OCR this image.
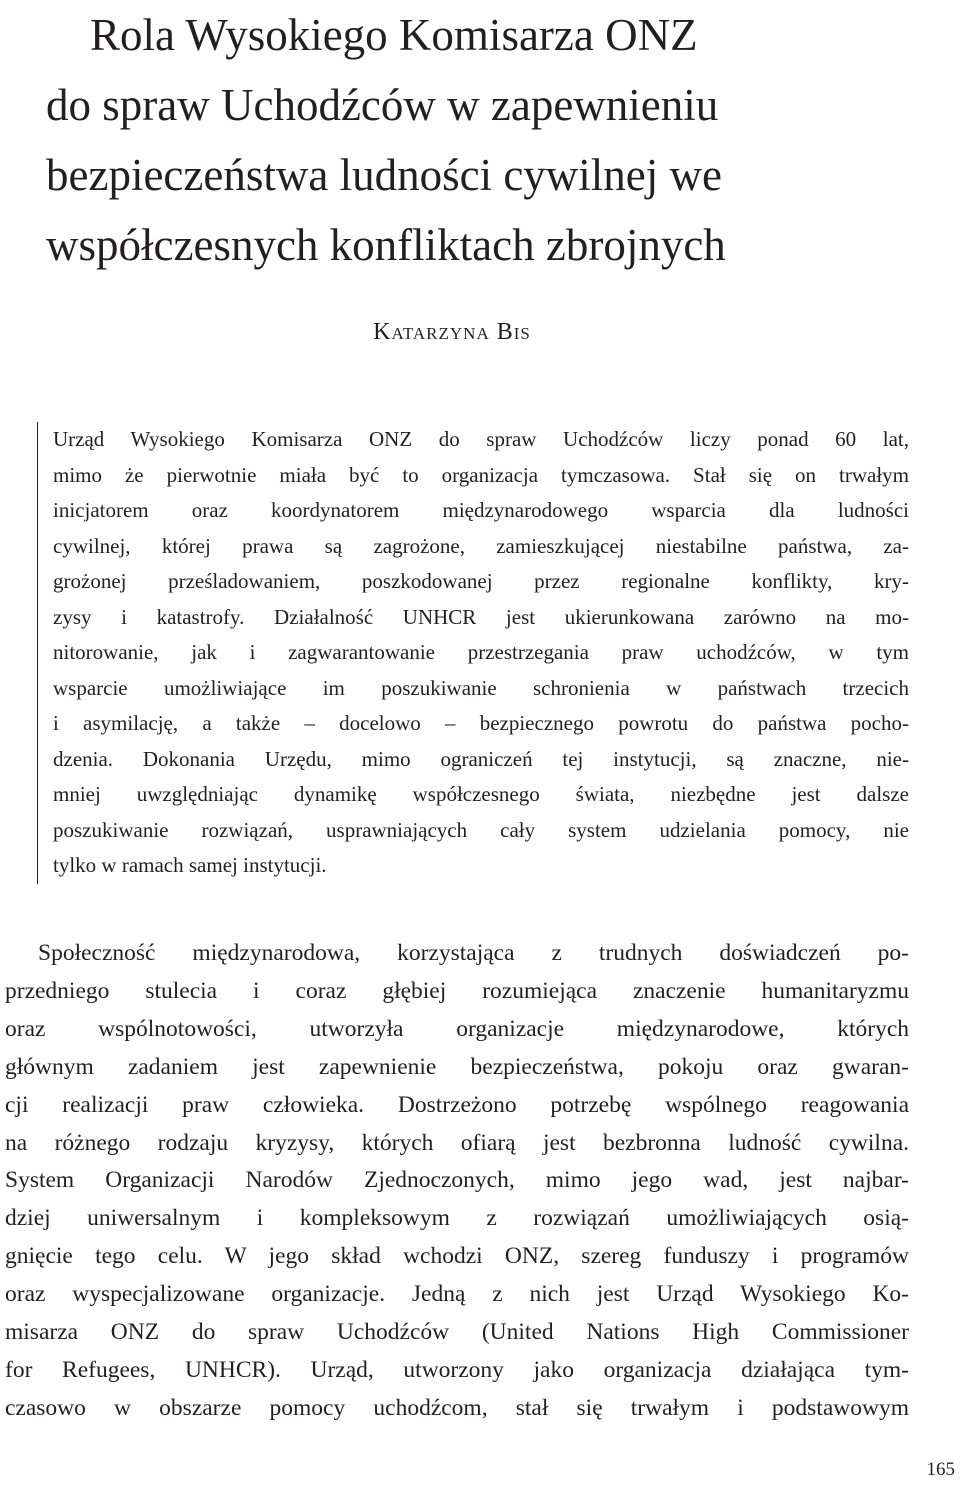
Rola Wysokiego Komisarza ONZ
do spraw Uchodźców w zapewnieniu
bezpieczeństwa ludności cywilnej we
współczesnych konfliktach zbrojnych
Katarzyna Bis
Urząd Wysokiego Komisarza ONZ do spraw Uchodźców liczy ponad 60 lat,
mimo że pierwotnie miała być to organizacja tymczasowa. Stał się on trwałym
inicjatorem oraz koordynatorem międzynarodowego wsparcia dla ludności
cywilnej, której prawa są zagrożone, zamieszkującej niestabilne państwa, za-
grożonej prześladowaniem, poszkodowanej przez regionalne konflikty, kry-
zysy i katastrofy. Działalność UNHCR jest ukierunkowana zarówno na mo-
nitorowanie, jak i zagwarantowanie przestrzegania praw uchodźców, w tym
wsparcie umożliwiające im poszukiwanie schronienia w państwach trzecich
i asymilację, a także – docelowo – bezpiecznego powrotu do państwa pocho-
dzenia. Dokonania Urzędu, mimo ograniczeń tej instytucji, są znaczne, nie-
mniej uwzględniając dynamikę współczesnego świata, niezbędne jest dalsze
poszukiwanie rozwiązań, usprawniających cały system udzielania pomocy, nie
tylko w ramach samej instytucji.
Społeczność międzynarodowa, korzystająca z trudnych doświadczeń po-
przedniego stulecia i coraz głębiej rozumiejąca znaczenie humanitaryzmu
oraz wspólnotowości, utworzyła organizacje międzynarodowe, których
głównym zadaniem jest zapewnienie bezpieczeństwa, pokoju oraz gwaran-
cji realizacji praw człowieka. Dostrzeżono potrzebę wspólnego reagowania
na różnego rodzaju kryzysy, których ofiarą jest bezbronna ludność cywilna.
System Organizacji Narodów Zjednoczonych, mimo jego wad, jest najbar-
dziej uniwersalnym i kompleksowym z rozwiązań umożliwiających osią-
gnięcie tego celu. W jego skład wchodzi ONZ, szereg funduszy i programów
oraz wyspecjalizowane organizacje. Jedną z nich jest Urząd Wysokiego Ko-
misarza ONZ do spraw Uchodźców (United Nations High Commissioner
for Refugees, UNHCR). Urząd, utworzony jako organizacja działająca tym-
czasowo w obszarze pomocy uchodźcom, stał się trwałym i podstawowym
165
